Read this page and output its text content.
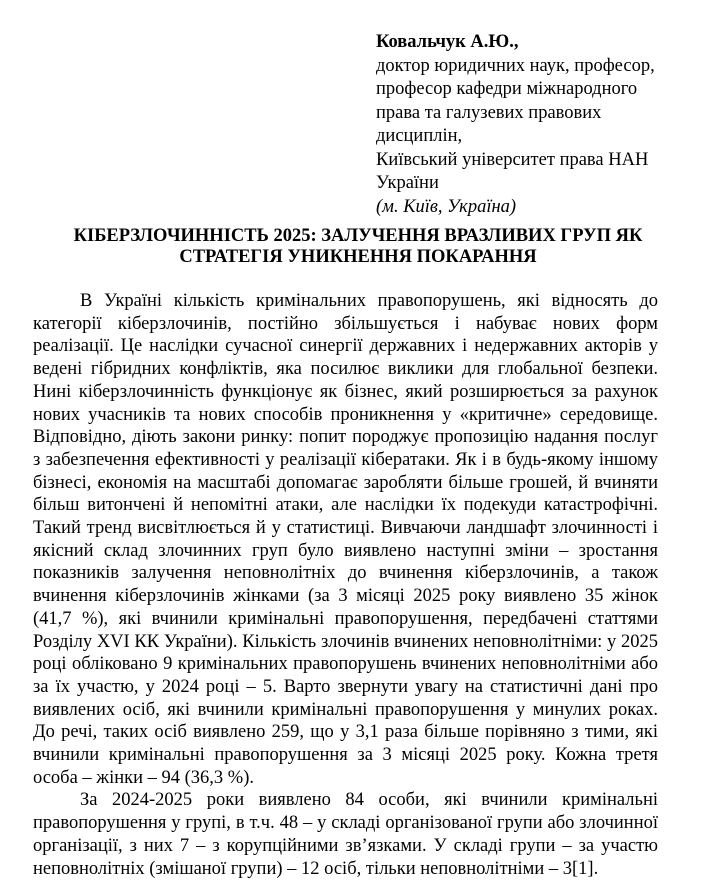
Ковальчук А.Ю.,
доктор юридичних наук, професор,
професор кафедри міжнародного права та галузевих правових дисциплін,
Київський університет права НАН України
(м. Київ, Україна)
КІБЕРЗЛОЧИННІСТЬ 2025: ЗАЛУЧЕННЯ ВРАЗЛИВИХ ГРУП ЯК
СТРАТЕГІЯ УНИКНЕННЯ ПОКАРАННЯ

В Україні кількість кримінальних правопорушень, які відносять до категорії кіберзлочинів, постійно збільшується і набуває нових форм реалізації. Це наслідки сучасної синергії державних і недержавних акторів у ведені гібридних конфліктів, яка посилює виклики для глобальної безпеки. Нині кіберзлочинність функціонує як бізнес, який розширюється за рахунок нових учасників та нових способів проникнення у «критичне» середовище. Відповідно, діють закони ринку: попит породжує пропозицію надання послуг з забезпечення ефективності у реалізації кібератаки. Як і в будь-якому іншому бізнесі, економія на масштабі допомагає заробляти більше грошей, й вчиняти більш витончені й непомітні атаки, але наслідки їх подекуди катастрофічні. Такий тренд висвітлюється й у статистиці. Вивчаючи ландшафт злочинності і якісний склад злочинних груп було виявлено наступні зміни – зростання показників залучення неповнолітніх до вчинення кіберзлочинів, а також вчинення кіберзлочинів жінками (за 3 місяці 2025 року виявлено 35 жінок (41,7 %), які вчинили кримінальні правопорушення, передбачені статтями Розділу XVI КК України). Кількість злочинів вчинених неповнолітніми: у 2025 році обліковано 9 кримінальних правопорушень вчинених неповнолітніми або за їх участю, у 2024 році – 5. Варто звернути увагу на статистичні дані про виявлених осіб, які вчинили кримінальні правопорушення у минулих роках. До речі, таких осіб виявлено 259, що у 3,1 раза більше порівняно з тими, які вчинили кримінальні правопорушення за 3 місяці 2025 року. Кожна третя особа – жінки – 94 (36,3 %).

За 2024-2025 роки виявлено 84 особи, які вчинили кримінальні правопорушення у групі, в т.ч. 48 – у складі організованої групи або злочинної організації, з них 7 – з корупційними зв’язками. У складі групи – за участю неповнолітніх (змішаної групи) – 12 осіб, тільки неповнолітніми – 3[1].
